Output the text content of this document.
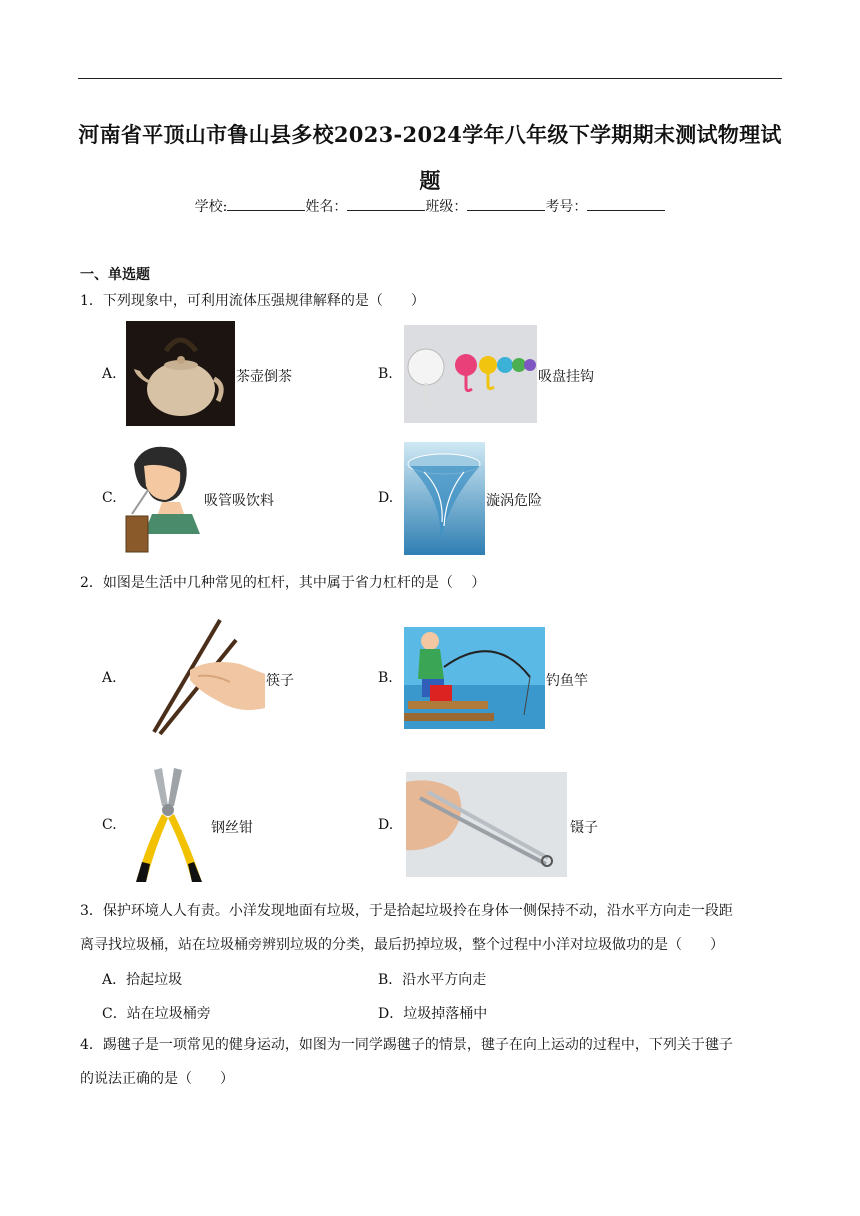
河南省平顶山市鲁山县多校2023-2024学年八年级下学期期末测试物理试题
学校:	姓名：	班级：	考号：
一、单选题
1．下列现象中，可利用流体压强规律解释的是（　　）
A.	茶壶倒茶	B.	吸盘挂钩
C.	吸管吸饮料	D.	漩涡危险
2．如图是生活中几种常见的杠杆，其中属于省力杠杆的是（　 ）
A.	筷子	B.	钓鱼竿
C.	钢丝钳	D.	镊子
3．保护环境人人有责。小洋发现地面有垃圾，于是拾起垃圾拎在身体一侧保持不动，沿水平方向走一段距
离寻找垃圾桶，站在垃圾桶旁辨别垃圾的分类，最后扔掉垃圾，整个过程中小洋对垃圾做功的是（　　）
A．拾起垃圾	B．沿水平方向走
C．站在垃圾桶旁	D．垃圾掉落桶中
4．踢毽子是一项常见的健身运动，如图为一同学踢毽子的情景，毽子在向上运动的过程中，下列关于毽子
的说法正确的是（　　）
